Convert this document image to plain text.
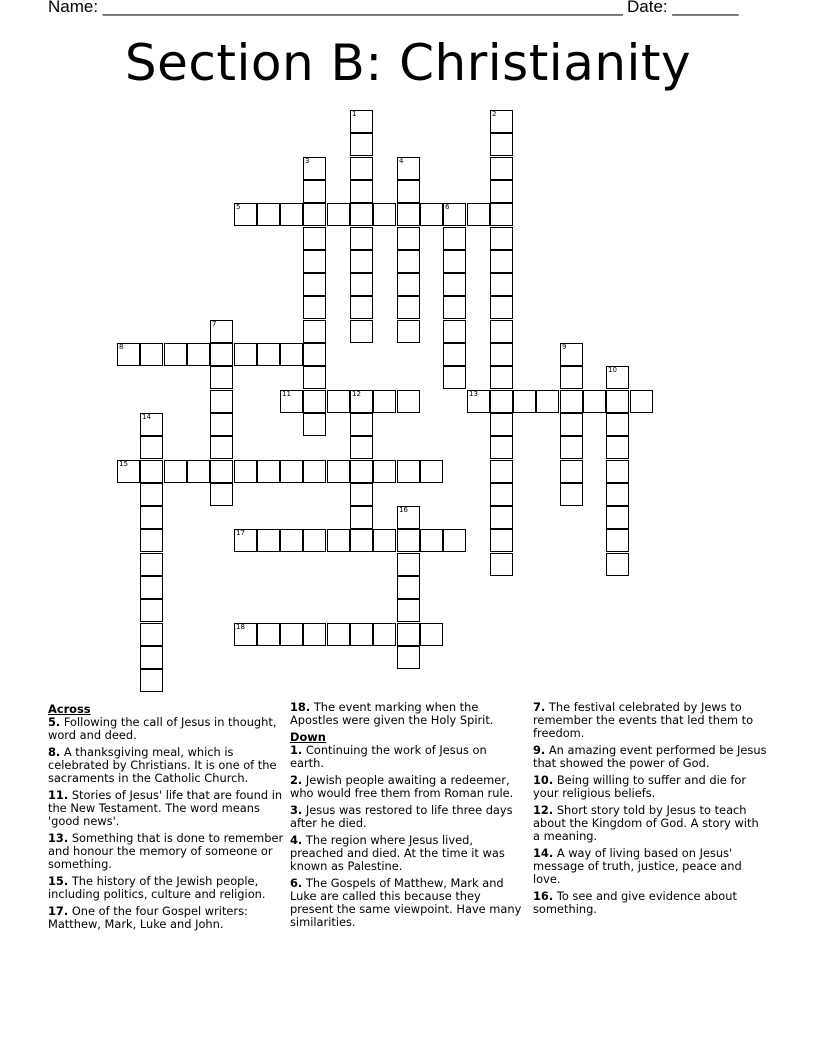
Name: _______________________________________________________ Date: _______
Section B: Christianity
5	6
8
11	12	13
15
17
18
1	2
3	4
7
9
10
14
16
Across
5. Following the call of Jesus in thought, word and deed.
8. A thanksgiving meal, which is celebrated by Christians. It is one of the sacraments in the Catholic Church.
11. Stories of Jesus' life that are found in the New Testament. The word means 'good news'.
13. Something that is done to remember and honour the memory of someone or something.
15. The history of the Jewish people, including politics, culture and religion.
17. One of the four Gospel writers: Matthew, Mark, Luke and John.
18. The event marking when the Apostles were given the Holy Spirit.
Down
1. Continuing the work of Jesus on earth.
2. Jewish people awaiting a redeemer, who would free them from Roman rule.
3. Jesus was restored to life three days after he died.
4. The region where Jesus lived, preached and died. At the time it was known as Palestine.
6. The Gospels of Matthew, Mark and Luke are called this because they present the same viewpoint. Have many similarities.
7. The festival celebrated by Jews to remember the events that led them to freedom.
9. An amazing event performed be Jesus that showed the power of God.
10. Being willing to suffer and die for your religious beliefs.
12. Short story told by Jesus to teach about the Kingdom of God. A story with a meaning.
14. A way of living based on Jesus' message of truth, justice, peace and love.
16. To see and give evidence about something.
